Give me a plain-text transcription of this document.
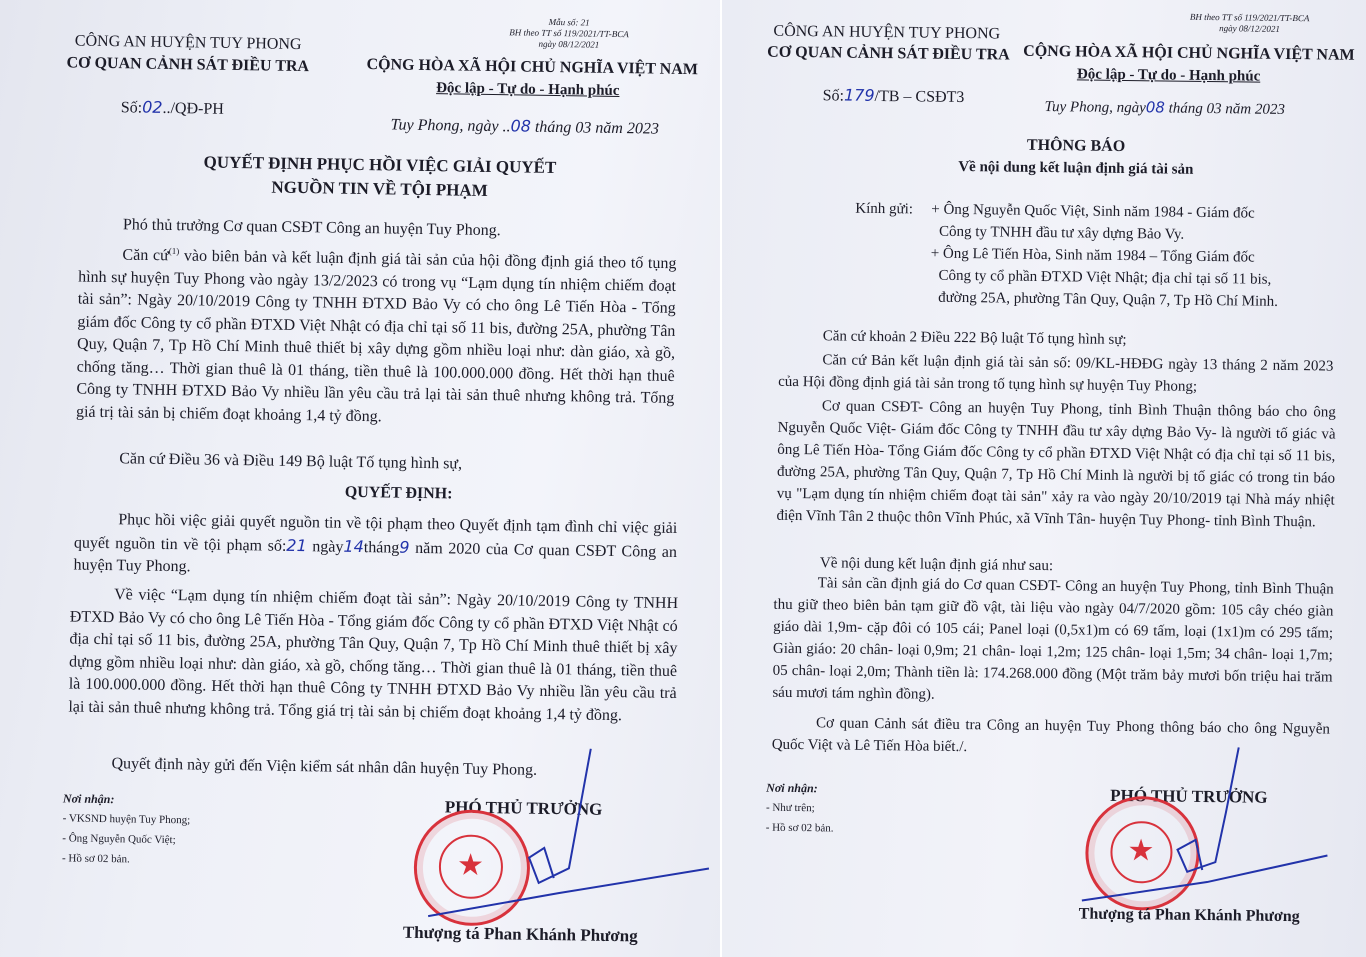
Mẫu số: 21
BH theo TT số 119/2021/TT-BCA
ngày 08/12/2021
CÔNG AN HUYỆN TUY PHONG
CƠ QUAN CẢNH SÁT ĐIỀU TRA	CỘNG HÒA XÃ HỘI CHỦ NGHĨA VIỆT NAM
Độc lập - Tự do - Hạnh phúc
Số:02../QĐ-PH
Tuy Phong, ngày ..08 tháng 03 năm 2023
QUYẾT ĐỊNH PHỤC HỒI VIỆC GIẢI QUYẾT
NGUỒN TIN VỀ TỘI PHẠM
Phó thủ trưởng Cơ quan CSĐT Công an huyện Tuy Phong.
Căn cứ$^{(1)}$ vào biên bản và kết luận định giá tài sản của hội đồng định giá theo tố tụng hình sự huyện Tuy Phong vào ngày 13/2/2023 có trong vụ “Lạm dụng tín nhiệm chiếm đoạt tài sản”: Ngày 20/10/2019 Công ty TNHH ĐTXD Bảo Vy có cho ông Lê Tiến Hòa - Tổng giám đốc Công ty cổ phần ĐTXD Việt Nhật có địa chỉ tại số 11 bis, đường 25A, phường Tân Quy, Quận 7, Tp Hồ Chí Minh thuê thiết bị xây dựng gồm nhiều loại như: dàn giáo, xà gồ, chống tăng… Thời gian thuê là 01 tháng, tiền thuê là 100.000.000 đồng. Hết thời hạn thuê Công ty TNHH ĐTXD Bảo Vy nhiều lần yêu cầu trả lại tài sản thuê nhưng không trả. Tổng giá trị tài sản bị chiếm đoạt khoảng 1,4 tỷ đồng.
Căn cứ Điều 36 và Điều 149 Bộ luật Tố tụng hình sự,
QUYẾT ĐỊNH:
Phục hồi việc giải quyết nguồn tin về tội phạm theo Quyết định tạm đình chỉ việc giải quyết nguồn tin về tội phạm số:21 ngày14tháng9 năm 2020 của Cơ quan CSĐT Công an huyện Tuy Phong.
Về việc “Lạm dụng tín nhiệm chiếm đoạt tài sản”: Ngày 20/10/2019 Công ty TNHH ĐTXD Bảo Vy có cho ông Lê Tiến Hòa - Tổng giám đốc Công ty cổ phần ĐTXD Việt Nhật có địa chỉ tại số 11 bis, đường 25A, phường Tân Quy, Quận 7, Tp Hồ Chí Minh thuê thiết bị xây dựng gồm nhiều loại như: dàn giáo, xà gồ, chống tăng… Thời gian thuê là 01 tháng, tiền thuê là 100.000.000 đồng. Hết thời hạn thuê Công ty TNHH ĐTXD Bảo Vy nhiều lần yêu cầu trả lại tài sản thuê nhưng không trả. Tổng giá trị tài sản bị chiếm đoạt khoảng 1,4 tỷ đồng.
Quyết định này gửi đến Viện kiểm sát nhân dân huyện Tuy Phong.
Nơi nhận:
- VKSND huyện Tuy Phong;
- Ông Nguyễn Quốc Việt;
- Hồ sơ 02 bản.
PHÓ THỦ TRƯỞNG
★
Thượng tá Phan Khánh Phương
BH theo TT số 119/2021/TT-BCA
ngày 08/12/2021
CÔNG AN HUYỆN TUY PHONG
CƠ QUAN CẢNH SÁT ĐIỀU TRA CỘNG HÒA XÃ HỘI CHỦ NGHĨA VIỆT NAM
Độc lập - Tự do - Hạnh phúc
Số:179/TB – CSĐT3
Tuy Phong, ngày08 tháng 03 năm 2023
THÔNG BÁO
Về nội dung kết luận định giá tài sản
Kính gửi: + Ông Nguyễn Quốc Việt, Sinh năm 1984 - Giám đốc
Công ty TNHH đầu tư xây dựng Bảo Vy.
+ Ông Lê Tiến Hòa, Sinh năm 1984 – Tổng Giám đốc
Công ty cổ phần ĐTXD Việt Nhật; địa chỉ tại số 11 bis,
đường 25A, phường Tân Quy, Quận 7, Tp Hồ Chí Minh.
Căn cứ khoản 2 Điều 222 Bộ luật Tố tụng hình sự;
Căn cứ Bản kết luận định giá tài sản số: 09/KL-HĐĐG ngày 13 tháng 2 năm 2023 của Hội đồng định giá tài sản trong tố tụng hình sự huyện Tuy Phong;
Cơ quan CSĐT- Công an huyện Tuy Phong, tỉnh Bình Thuận thông báo cho ông Nguyễn Quốc Việt- Giám đốc Công ty TNHH đầu tư xây dựng Bảo Vy- là người tố giác và ông Lê Tiến Hòa- Tổng Giám đốc Công ty cổ phần ĐTXD Việt Nhật có địa chỉ tại số 11 bis, đường 25A, phường Tân Quy, Quận 7, Tp Hồ Chí Minh là người bị tố giác có trong tin báo vụ "Lạm dụng tín nhiệm chiếm đoạt tài sản" xảy ra vào ngày 20/10/2019 tại Nhà máy nhiệt điện Vĩnh Tân 2 thuộc thôn Vĩnh Phúc, xã Vĩnh Tân- huyện Tuy Phong- tỉnh Bình Thuận.
Về nội dung kết luận định giá như sau:
Tài sản cần định giá do Cơ quan CSĐT- Công an huyện Tuy Phong, tỉnh Bình Thuận thu giữ theo biên bản tạm giữ đồ vật, tài liệu vào ngày 04/7/2020 gồm: 105 cây chéo giàn giáo dài 1,9m- cặp đôi có 105 cái; Panel loại (0,5x1)m có 69 tấm, loại (1x1)m có 295 tấm; Giàn giáo: 20 chân- loại 0,9m; 21 chân- loại 1,2m; 125 chân- loại 1,5m; 34 chân- loại 1,7m; 05 chân- loại 2,0m; Thành tiền là: 174.268.000 đồng (Một trăm bảy mươi bốn triệu hai trăm sáu mươi tám nghìn đồng).
Cơ quan Cảnh sát điều tra Công an huyện Tuy Phong thông báo cho ông Nguyễn Quốc Việt và Lê Tiến Hòa biết./.
Nơi nhận:
- Như trên;
- Hồ sơ 02 bản.
PHÓ THỦ TRƯỞNG
★
Thượng tá Phan Khánh Phương
